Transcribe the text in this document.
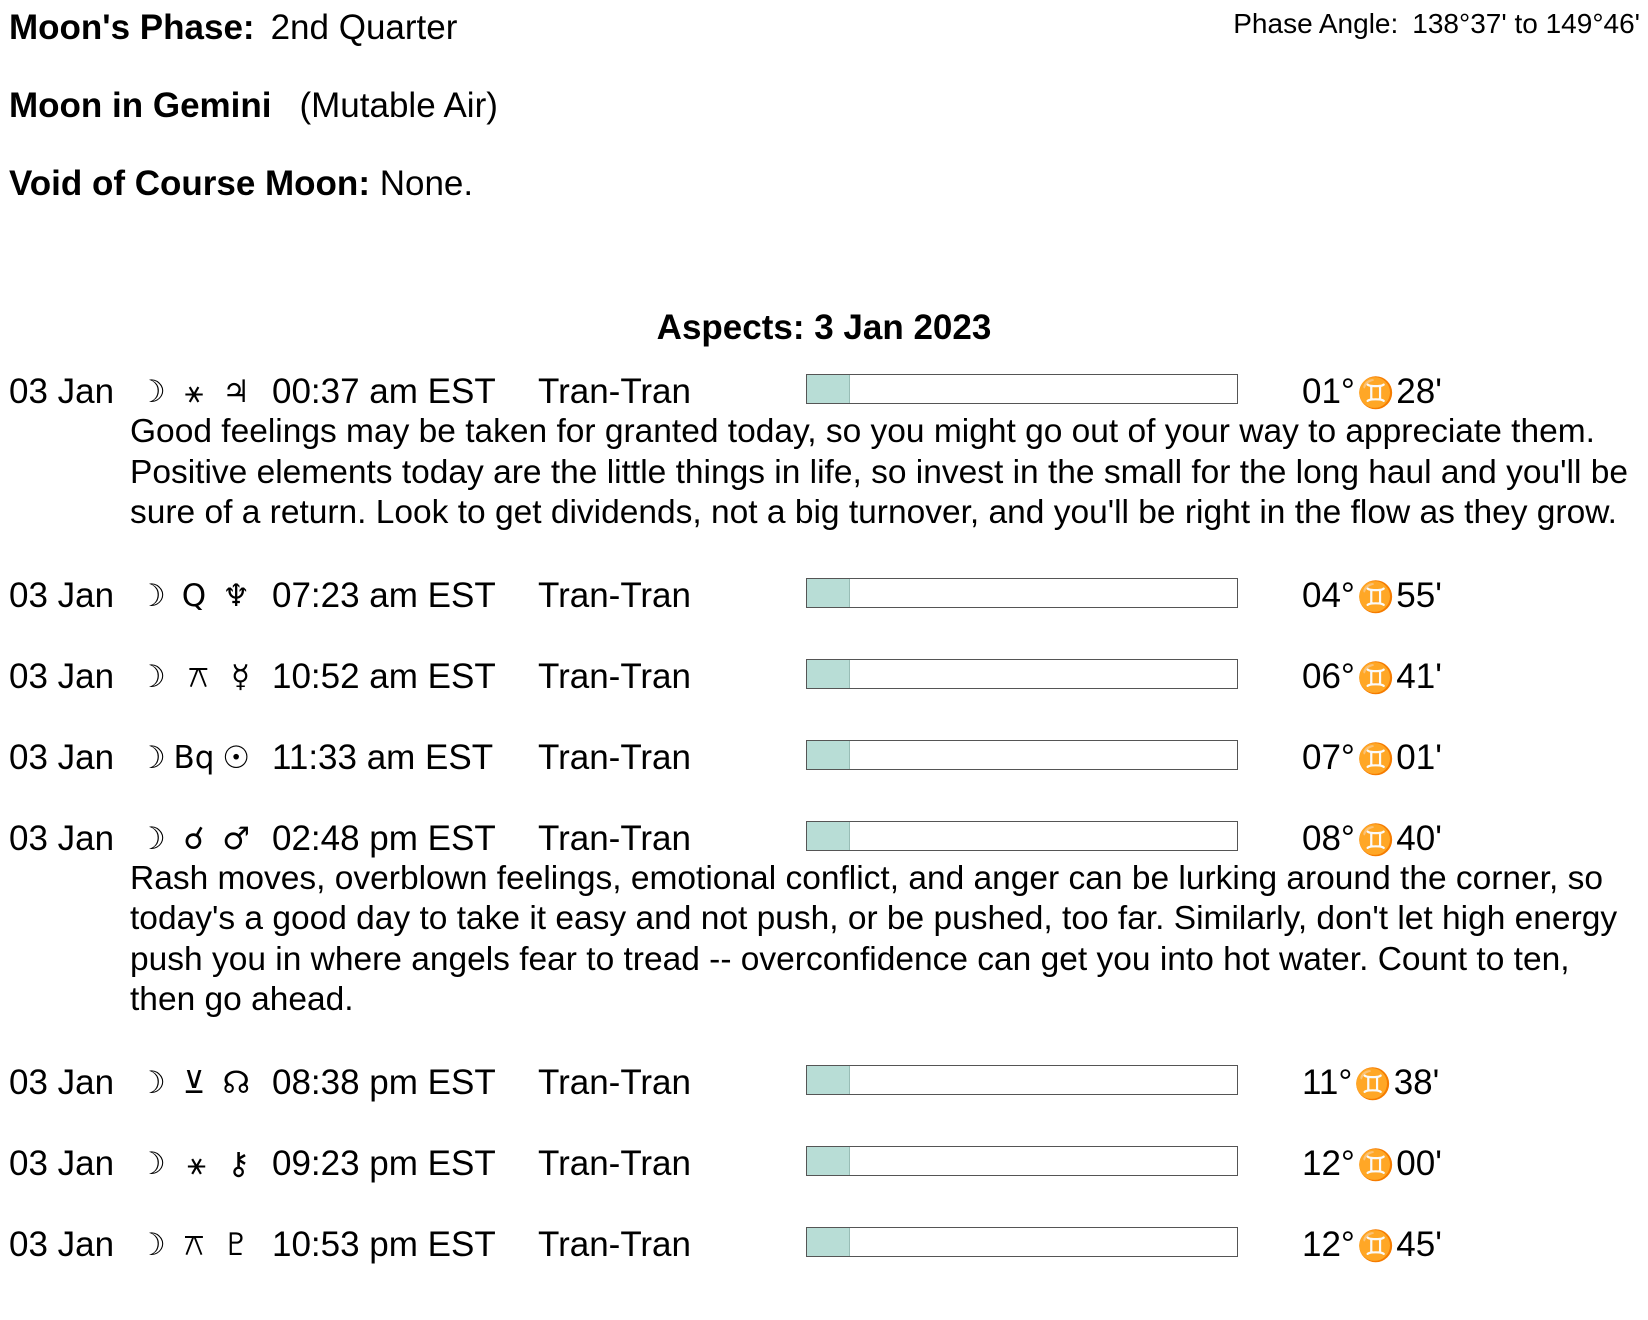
Moon's Phase: 2nd Quarter	Phase Angle: 138°37' to 149°46'
Moon in Gemini (Mutable Air)
Void of Course Moon: None.
Aspects: 3 Jan 2023
03 Jan ☽ ⚹ ♃ 00:37 am EST Tran-Tran	01°♊28'
Good feelings may be taken for granted today, so you might go out of your way to appreciate them. Positive elements today are the little things in life, so invest in the small for the long haul and you'll be sure of a return. Look to get dividends, not a big turnover, and you'll be right in the flow as they grow.
03 Jan ☽ Q ♆ 07:23 am EST Tran-Tran	04°♊55'
03 Jan ☽ ⚻ ☿ 10:52 am EST Tran-Tran	06°♊41'
03 Jan ☽ Bq ☉ 11:33 am EST Tran-Tran	07°♊01'
03 Jan ☽ ☌ ♂ 02:48 pm EST Tran-Tran	08°♊40'
Rash moves, overblown feelings, emotional conflict, and anger can be lurking around the corner, so today's a good day to take it easy and not push, or be pushed, too far. Similarly, don't let high energy push you in where angels fear to tread -- overconfidence can get you into hot water. Count to ten, then go ahead.
03 Jan ☽ ⊻ ☊ 08:38 pm EST Tran-Tran	11°♊38'
03 Jan ☽ ⚹ ⚷ 09:23 pm EST Tran-Tran	12°♊00'
03 Jan ☽ ⚻ ♇ 10:53 pm EST Tran-Tran	12°♊45'
